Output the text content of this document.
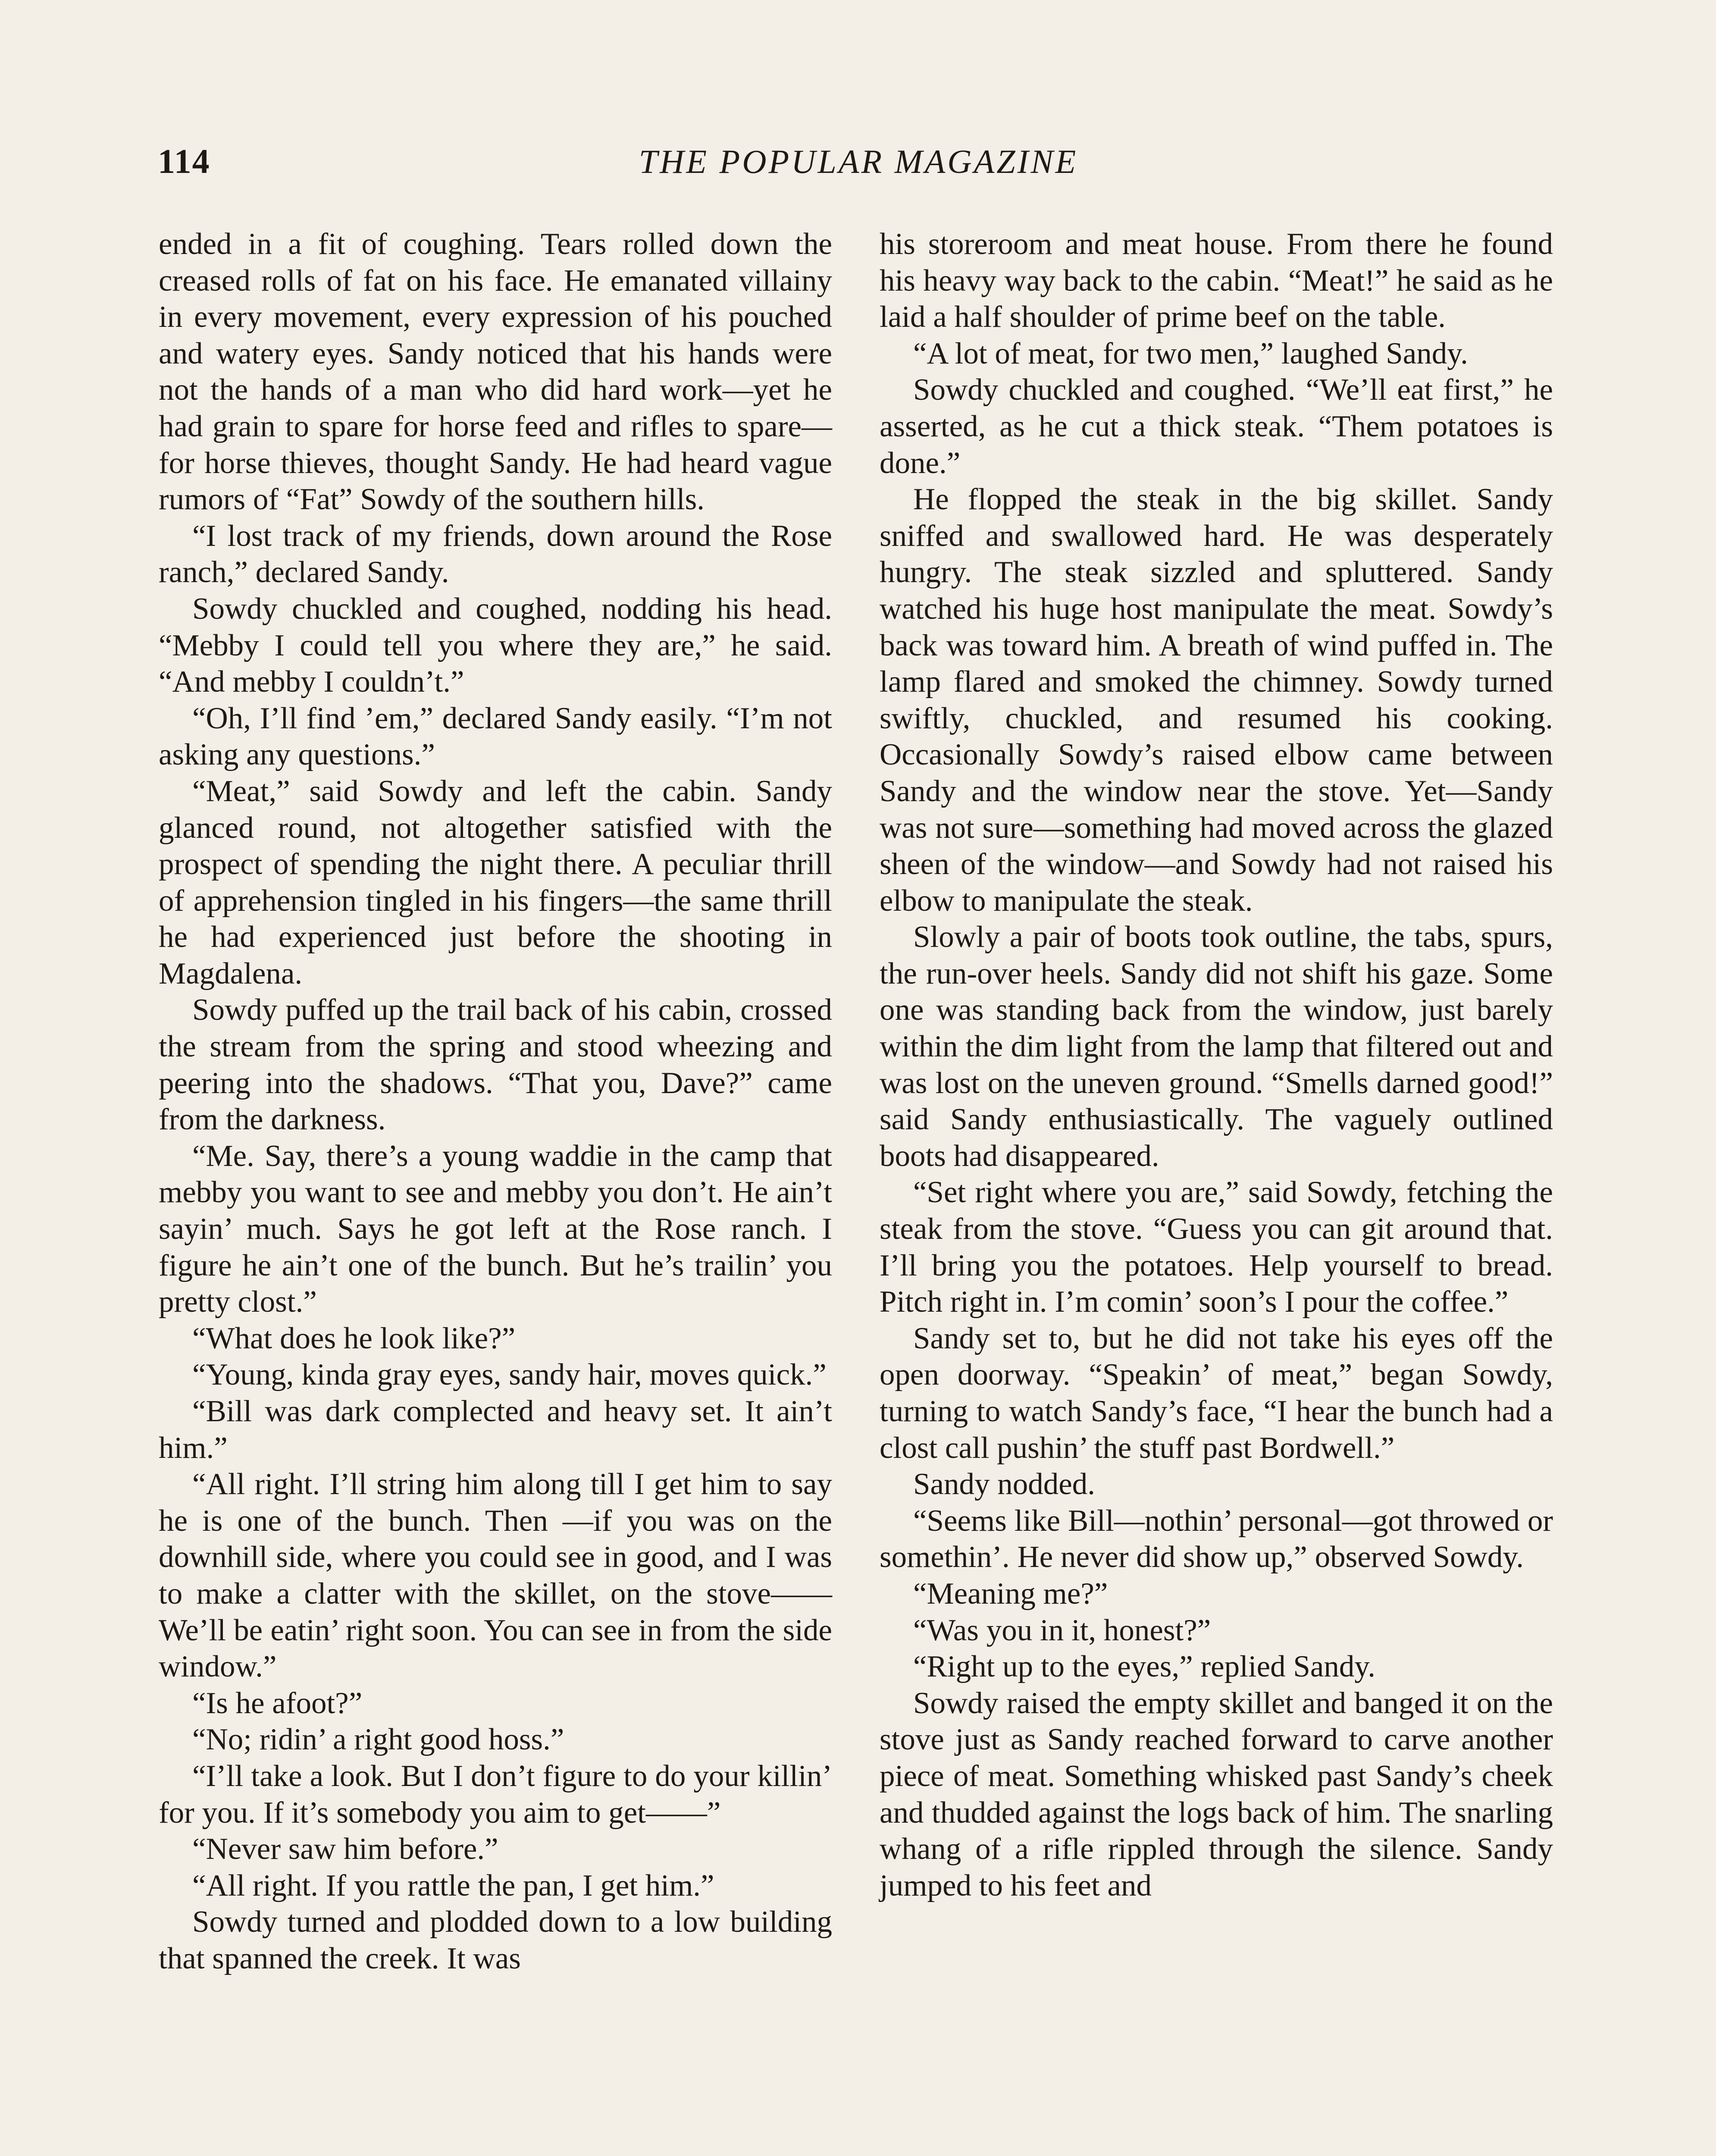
114	THE POPULAR MAGAZINE

ended in a fit of coughing. Tears rolled down the creased rolls of fat on his face. He emanated villainy in every movement, every expression of his pouched and watery eyes. Sandy noticed that his hands were not the hands of a man who did hard work—yet he had grain to spare for horse feed and rifles to spare—for horse thieves, thought Sandy. He had heard vague rumors of “Fat” Sowdy of the southern hills.

“I lost track of my friends, down around the Rose ranch,” declared Sandy.

Sowdy chuckled and coughed, nodding his head. “Mebby I could tell you where they are,” he said. “And mebby I couldn’t.”

“Oh, I’ll find ’em,” declared Sandy easily. “I’m not asking any questions.”

“Meat,” said Sowdy and left the cabin. Sandy glanced round, not altogether satisfied with the prospect of spending the night there. A peculiar thrill of apprehension tingled in his fingers—the same thrill he had experienced just before the shooting in Magdalena.

Sowdy puffed up the trail back of his cabin, crossed the stream from the spring and stood wheezing and peering into the shadows. “That you, Dave?” came from the darkness.

“Me. Say, there’s a young waddie in the camp that mebby you want to see and mebby you don’t. He ain’t sayin’ much. Says he got left at the Rose ranch. I figure he ain’t one of the bunch. But he’s trailin’ you pretty clost.”

“What does he look like?”

“Young, kinda gray eyes, sandy hair, moves quick.”

“Bill was dark complected and heavy set. It ain’t him.”

“All right. I’ll string him along till I get him to say he is one of the bunch. Then —if you was on the downhill side, where you could see in good, and I was to make a clatter with the skillet, on the stove—— We’ll be eatin’ right soon. You can see in from the side window.”

“Is he afoot?”

“No; ridin’ a right good hoss.”

“I’ll take a look. But I don’t figure to do your killin’ for you. If it’s somebody you aim to get——”

“Never saw him before.”

“All right. If you rattle the pan, I get him.”

Sowdy turned and plodded down to a low building that spanned the creek. It was

his storeroom and meat house. From there he found his heavy way back to the cabin. “Meat!” he said as he laid a half shoulder of prime beef on the table.

“A lot of meat, for two men,” laughed Sandy.

Sowdy chuckled and coughed. “We’ll eat first,” he asserted, as he cut a thick steak. “Them potatoes is done.”

He flopped the steak in the big skillet. Sandy sniffed and swallowed hard. He was desperately hungry. The steak sizzled and spluttered. Sandy watched his huge host manipulate the meat. Sowdy’s back was toward him. A breath of wind puffed in. The lamp flared and smoked the chimney. Sowdy turned swiftly, chuckled, and resumed his cooking. Occasionally Sowdy’s raised elbow came between Sandy and the window near the stove. Yet—Sandy was not sure—something had moved across the glazed sheen of the window—and Sowdy had not raised his elbow to manipulate the steak.

Slowly a pair of boots took outline, the tabs, spurs, the run-over heels. Sandy did not shift his gaze. Some one was standing back from the window, just barely within the dim light from the lamp that filtered out and was lost on the uneven ground. “Smells darned good!” said Sandy enthusiastically. The vaguely outlined boots had disappeared.

“Set right where you are,” said Sowdy, fetching the steak from the stove. “Guess you can git around that. I’ll bring you the potatoes. Help yourself to bread. Pitch right in. I’m comin’ soon’s I pour the coffee.”

Sandy set to, but he did not take his eyes off the open doorway. “Speakin’ of meat,” began Sowdy, turning to watch Sandy’s face, “I hear the bunch had a clost call pushin’ the stuff past Bordwell.”

Sandy nodded.

“Seems like Bill—nothin’ personal—got throwed or somethin’. He never did show up,” observed Sowdy.

“Meaning me?”

“Was you in it, honest?”

“Right up to the eyes,” replied Sandy.

Sowdy raised the empty skillet and banged it on the stove just as Sandy reached forward to carve another piece of meat. Something whisked past Sandy’s cheek and thudded against the logs back of him. The snarling whang of a rifle rippled through the silence. Sandy jumped to his feet and
